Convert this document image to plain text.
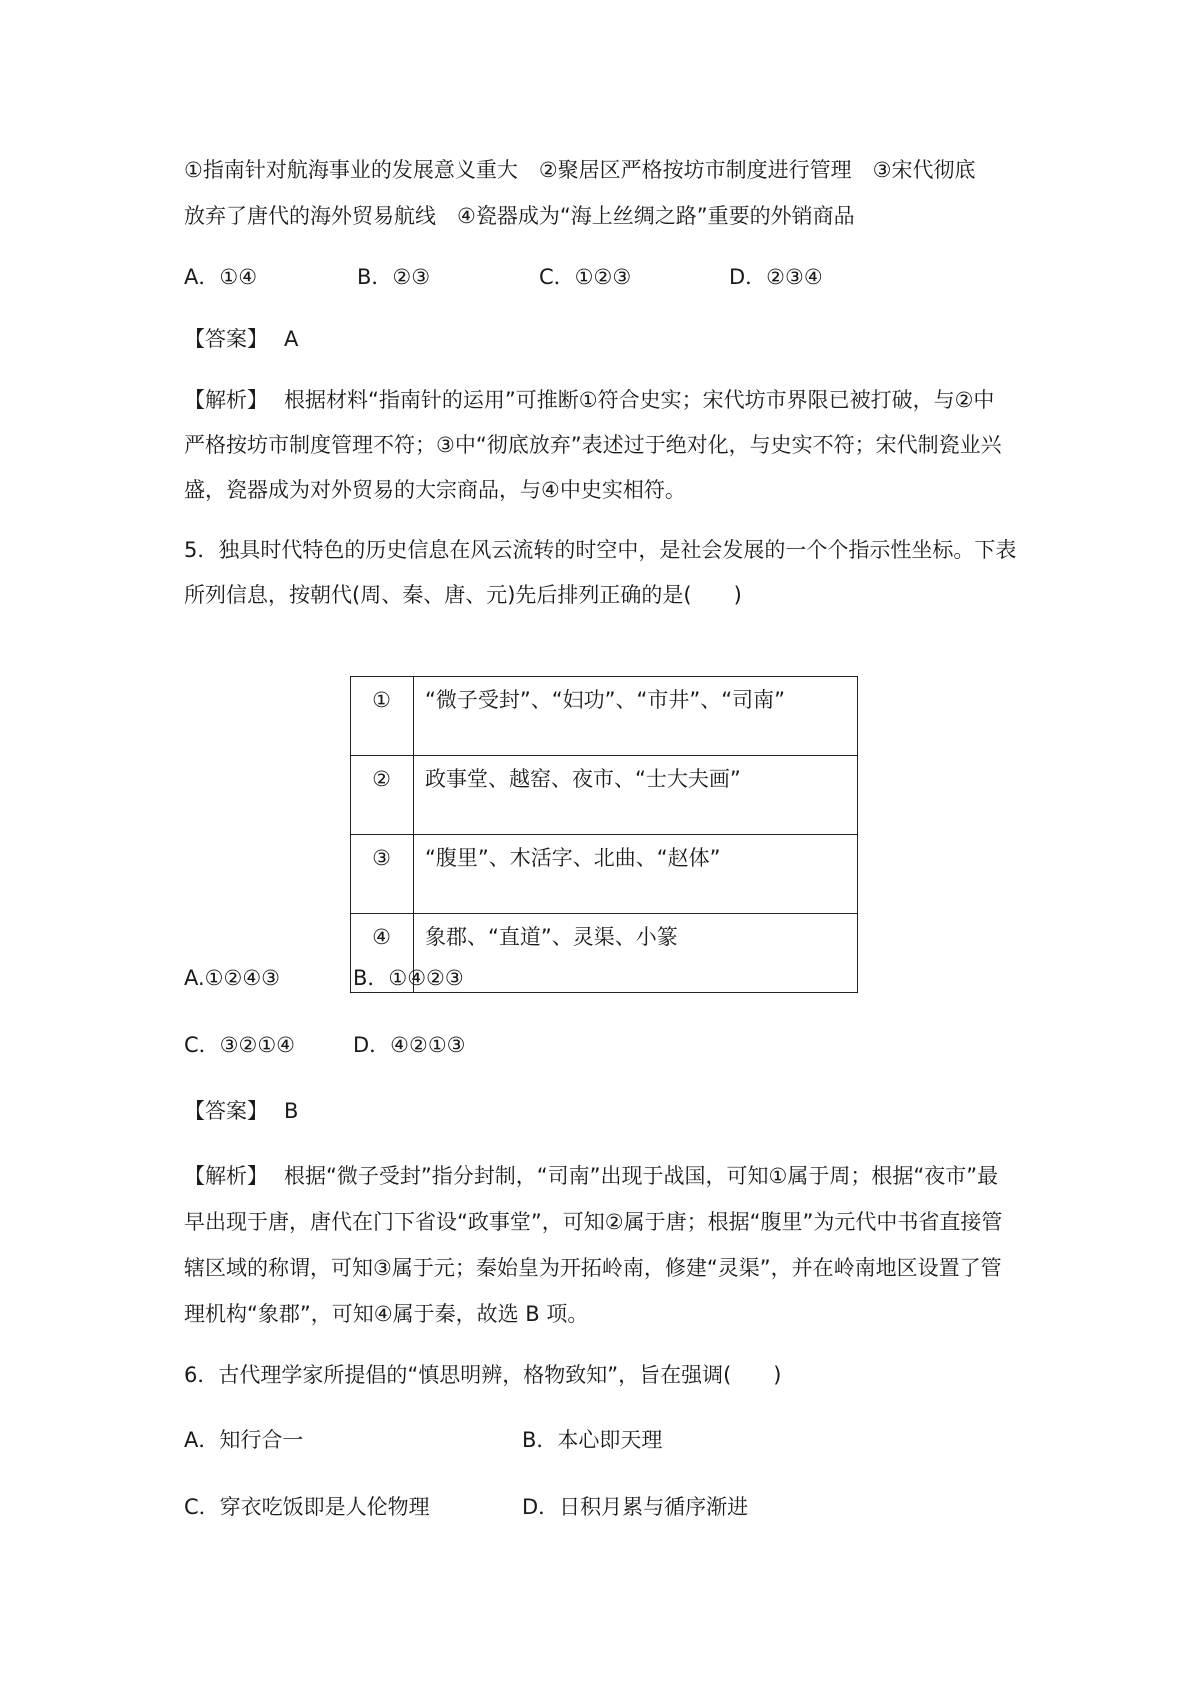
①指南针对航海事业的发展意义重大　②聚居区严格按坊市制度进行管理　③宋代彻底
放弃了唐代的海外贸易航线　④瓷器成为“海上丝绸之路”重要的外销商品
A．①④	B．②③	C．①②③	D．②③④
【答案】 A
【解析】 根据材料“指南针的运用”可推断①符合史实；宋代坊市界限已被打破，与②中
严格按坊市制度管理不符；③中“彻底放弃”表述过于绝对化，与史实不符；宋代制瓷业兴
盛，瓷器成为对外贸易的大宗商品，与④中史实相符。
5．独具时代特色的历史信息在风云流转的时空中，是社会发展的一个个指示性坐标。下表
所列信息，按朝代(周、秦、唐、元)先后排列正确的是(　　)
①	“微子受封”、“妇功”、“市井”、“司南”
②	政事堂、越窑、夜市、“士大夫画”
③	“腹里”、木活字、北曲、“赵体”
④	象郡、“直道”、灵渠、小篆
A.①②④③	B．①④②③
C．③②①④	D．④②①③
【答案】 B
【解析】 根据“微子受封”指分封制，“司南”出现于战国，可知①属于周；根据“夜市”最
早出现于唐，唐代在门下省设“政事堂”，可知②属于唐；根据“腹里”为元代中书省直接管
辖区域的称谓，可知③属于元；秦始皇为开拓岭南，修建“灵渠”，并在岭南地区设置了管
理机构“象郡”，可知④属于秦，故选 B 项。
6．古代理学家所提倡的“慎思明辨，格物致知”，旨在强调(　　)
A．知行合一	B．本心即天理
C．穿衣吃饭即是人伦物理	D．日积月累与循序渐进
